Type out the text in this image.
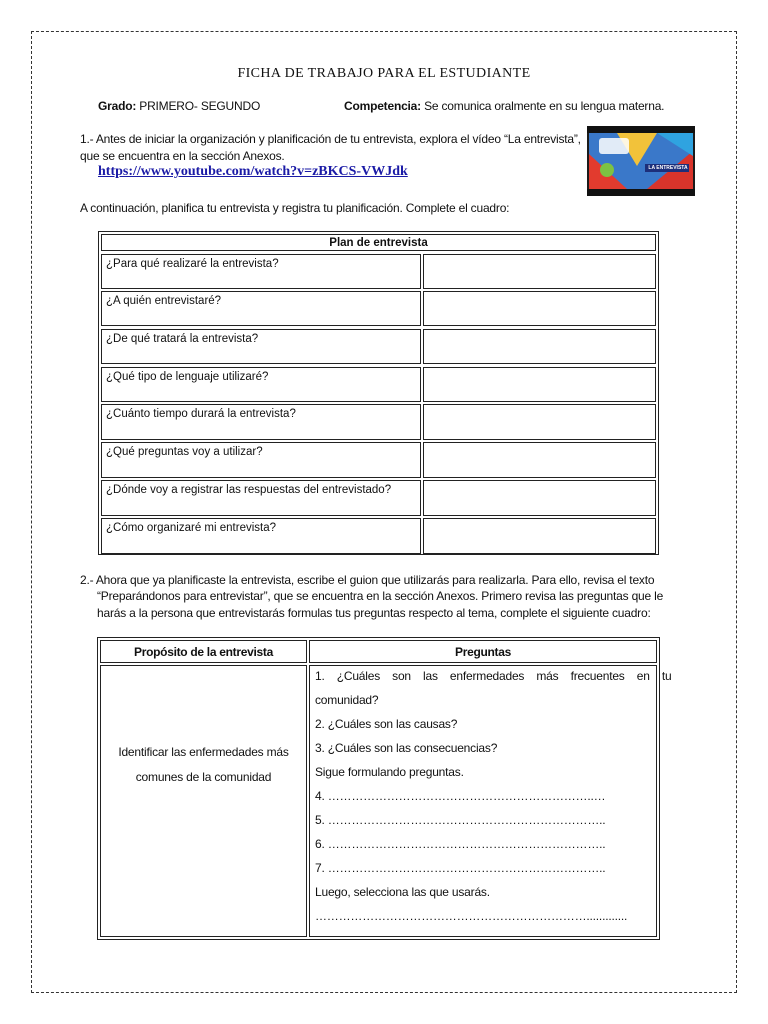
FICHA DE TRABAJO PARA EL ESTUDIANTE
Grado: PRIMERO- SEGUNDO	Competencia: Se comunica oralmente en su lengua materna.
1.- Antes de iniciar la organización y planificación de tu entrevista, explora el vídeo “La entrevista”,
que se encuentra en la sección Anexos.
https://www.youtube.com/watch?v=zBKCS-VWJdk	LA ENTREVISTA
A continuación, planifica tu entrevista y registra tu planificación. Complete el cuadro:
Plan de entrevista
¿Para qué realizaré la entrevista?
¿A quién entrevistaré?
¿De qué tratará la entrevista?
¿Qué tipo de lenguaje utilizaré?
¿Cuánto tiempo durará la entrevista?
¿Qué preguntas voy a utilizar?
¿Dónde voy a registrar las respuestas del entrevistado?
¿Cómo organizaré mi entrevista?
2.- Ahora que ya planificaste la entrevista, escribe el guion que utilizarás para realizarla. Para ello, revisa el texto
“Preparándonos para entrevistar”, que se encuentra en la sección Anexos. Primero revisa las preguntas que le
harás a la persona que entrevistarás formulas tus preguntas respecto al tema, complete el siguiente cuadro:
Propósito de la entrevista	Preguntas
Identificar las enfermedades más
comunes de la comunidad
1. ¿Cuáles son las enfermedades más frecuentes en tu
comunidad?
2. ¿Cuáles son las causas?
3. ¿Cuáles son las consecuencias?
Sigue formulando preguntas.
4. …………………………………………………………..…
5. ……………………………………………………………..
6. ……………………………………………………………..
7. ……………………………………………………………..
Luego, selecciona las que usarás.
…………………………………………………………….............
